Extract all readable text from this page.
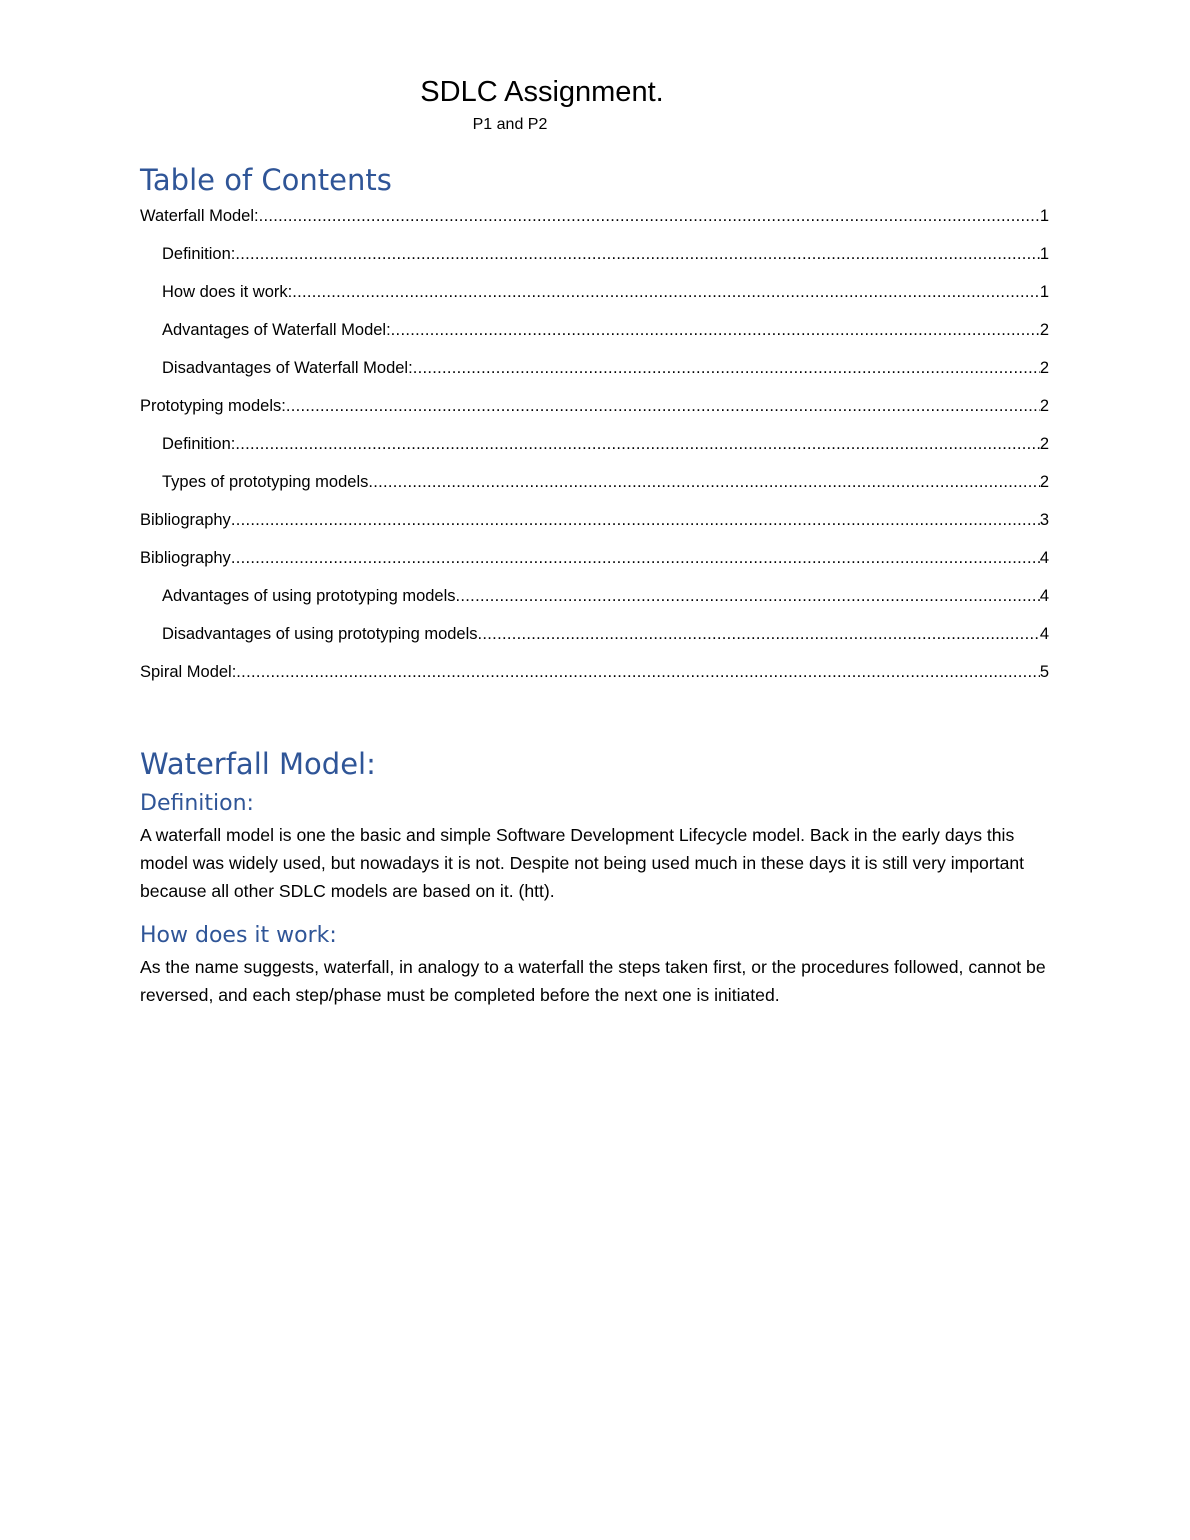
SDLC Assignment.
P1 and P2
Table of Contents
Waterfall Model: .....	1
Definition: .....	1
How does it work: .....	1
Advantages of Waterfall Model: .....	2
Disadvantages of Waterfall Model: .....	2
Prototyping models: .....	2
Definition: .....	2
Types of prototyping models .....	2
Bibliography .....	3
Bibliography .....	4
Advantages of using prototyping models .....	4
Disadvantages of using prototyping models .....	4
Spiral Model: .....	5
Waterfall Model:
Definition:
A waterfall model is one the basic and simple Software Development Lifecycle model. Back in the early days this model was widely used, but nowadays it is not. Despite not being used much in these days it is still very important because all other SDLC models are based on it. (htt).
How does it work:
As the name suggests, waterfall, in analogy to a waterfall the steps taken first, or the procedures followed, cannot be reversed, and each step/phase must be completed before the next one is initiated.
